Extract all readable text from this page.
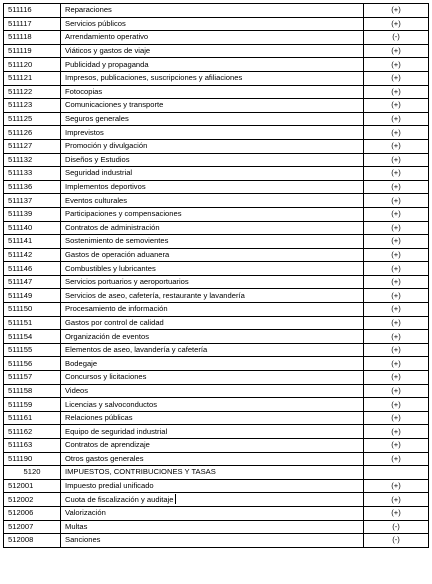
511116	Reparaciones	(+)
511117	Servicios públicos	(+)
511118	Arrendamiento operativo	(-)
511119	Viáticos y gastos de viaje	(+)
511120	Publicidad y propaganda	(+)
511121	Impresos, publicaciones, suscripciones y afiliaciones	(+)
511122	Fotocopias	(+)
511123	Comunicaciones y transporte	(+)
511125	Seguros generales	(+)
511126	Imprevistos	(+)
511127	Promoción y divulgación	(+)
511132	Diseños y Estudios	(+)
511133	Seguridad industrial	(+)
511136	Implementos deportivos	(+)
511137	Eventos culturales	(+)
511139	Participaciones y compensaciones	(+)
511140	Contratos de administración	(+)
511141	Sostenimiento de semovientes	(+)
511142	Gastos de operación aduanera	(+)
511146	Combustibles y lubricantes	(+)
511147	Servicios portuarios y aeroportuarios	(+)
511149	Servicios de aseo, cafetería, restaurante y lavandería	(+)
511150	Procesamiento de información	(+)
511151	Gastos por control de calidad	(+)
511154	Organización de eventos	(+)
511155	Elementos de aseo, lavandería y cafetería	(+)
511156	Bodegaje	(+)
511157	Concursos y licitaciones	(+)
511158	Videos	(+)
511159	Licencias y salvoconductos	(+)
511161	Relaciones públicas	(+)
511162	Equipo de seguridad industrial	(+)
511163	Contratos de aprendizaje	(+)
511190	Otros gastos generales	(+)
5120	IMPUESTOS, CONTRIBUCIONES Y TASAS	
512001	Impuesto predial unificado	(+)
512002	Cuota de fiscalización y auditaje	(+)
512006	Valorización	(+)
512007	Multas	(-)
512008	Sanciones	(-)
